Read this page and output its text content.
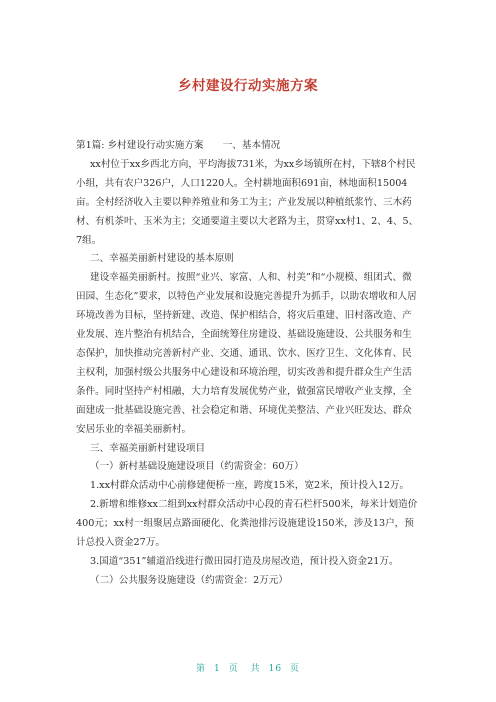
乡村建设行动实施方案

第1篇: 乡村建设行动实施方案　　一、基本情况

xx村位于xx乡西北方向，平均海拔731米，为xx乡场镇所在村，下辖8个村民小组，共有农户326户，人口1220人。全村耕地面积691亩，林地面积15004亩。全村经济收入主要以种养殖业和务工为主；产业发展以种植纸浆竹、三木药材、有机茶叶、玉米为主；交通要道主要以大老路为主，贯穿xx村1、2、4、5、7组。

二、幸福美丽新村建设的基本原则

建设幸福美丽新村。按照“业兴、家富、人和、村美”和“小规模、组团式、微田园、生态化”要求，以特色产业发展和设施完善提升为抓手，以助农增收和人居环境改善为目标，坚持新建、改造、保护相结合，将灾后重建、旧村落改造、产业发展、连片整治有机结合，全面统筹住房建设、基础设施建设、公共服务和生态保护，加快推动完善新村产业、交通、通讯、饮水、医疗卫生、文化体育、民主权利，加强村级公共服务中心建设和环境治理，切实改善和提升群众生产生活条件。同时坚持产村相融，大力培育发展优势产业，做强富民增收产业支撑，全面建成一批基础设施完善、社会稳定和谐、环境优美整洁、产业兴旺发达、群众安居乐业的幸福美丽新村。

三、幸福美丽新村建设项目

（一）新村基础设施建设项目（约需资金：60万）

1.xx村群众活动中心前修建便桥一座，跨度15米，宽2米，预计投入12万。

2.新增和维修xx二组到xx村群众活动中心段的青石栏杆500米，每米计划造价400元；xx村一组聚居点路面硬化、化粪池排污设施建设150米，涉及13户，预计总投入资金27万。

3.国道“351”辅道沿线进行微田园打造及房屋改造，预计投入资金21万。

（二）公共服务设施建设（约需资金：2万元）

第 1 页 共 16 页
